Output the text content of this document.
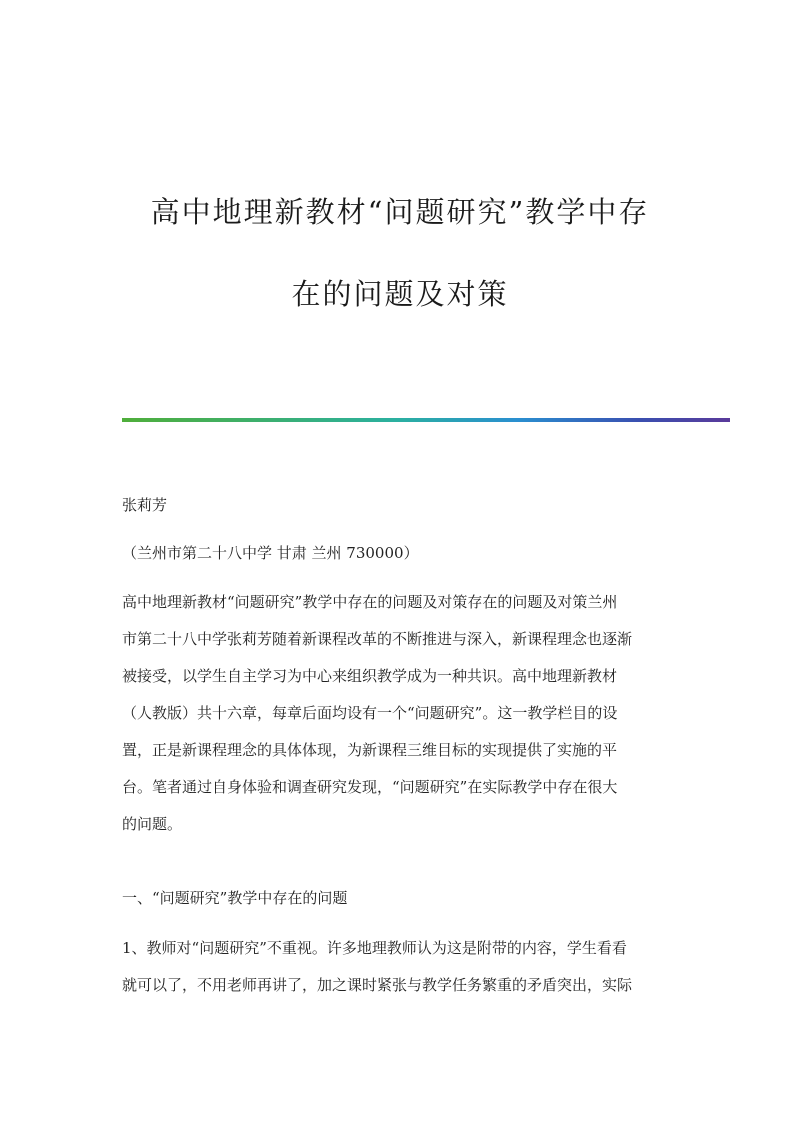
高中地理新教材“问题研究”教学中存
在的问题及对策
张莉芳
（兰州市第二十八中学 甘肃 兰州 730000）
高中地理新教材“问题研究”教学中存在的问题及对策存在的问题及对策兰州
市第二十八中学张莉芳随着新课程改革的不断推进与深入，新课程理念也逐渐
被接受，以学生自主学习为中心来组织教学成为一种共识。高中地理新教材
（人教版）共十六章，每章后面均设有一个“问题研究”。这一教学栏目的设
置，正是新课程理念的具体体现，为新课程三维目标的实现提供了实施的平
台。笔者通过自身体验和调查研究发现，“问题研究”在实际教学中存在很大
的问题。
一、“问题研究”教学中存在的问题
1、教师对“问题研究”不重视。许多地理教师认为这是附带的内容，学生看看
就可以了，不用老师再讲了，加之课时紧张与教学任务繁重的矛盾突出，实际
